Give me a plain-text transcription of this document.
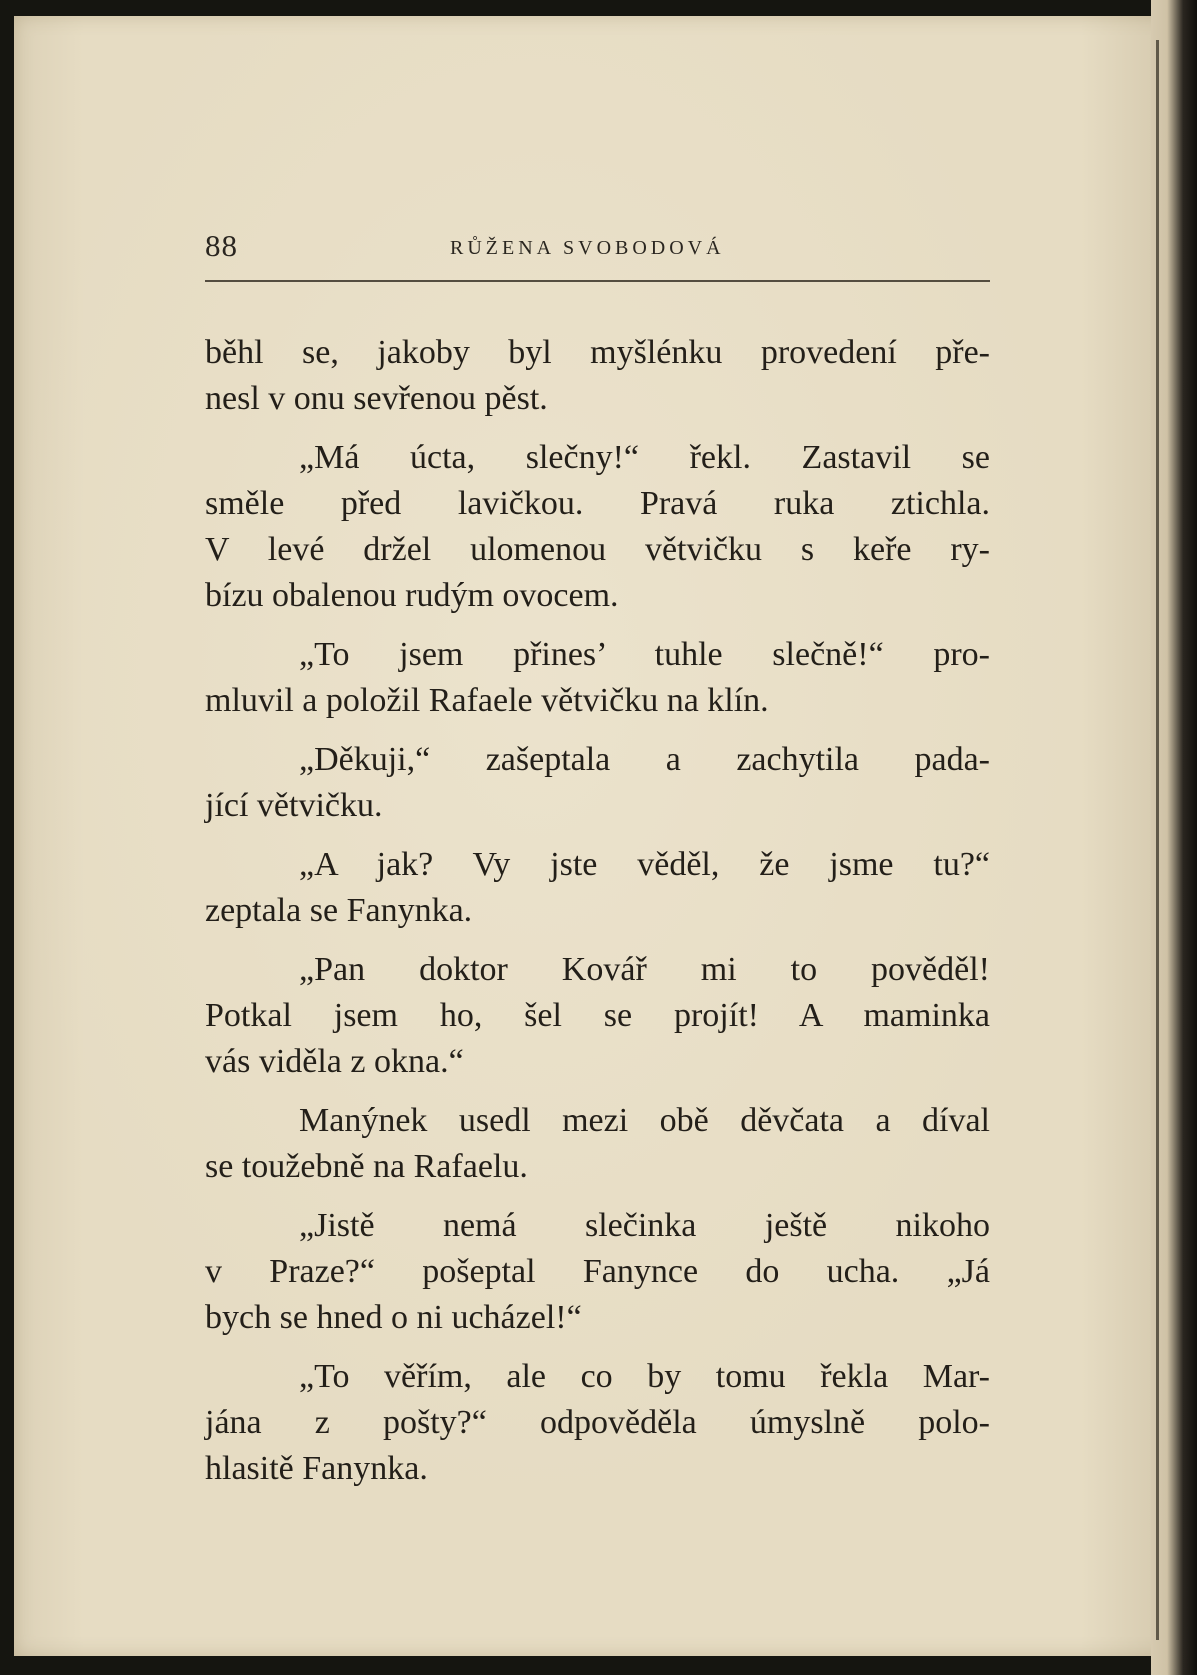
88	RŮŽENA SVOBODOVÁ
běhl se, jakoby byl myšlénku provedení pře-
nesl v onu sevřenou pěst.
„Má úcta, slečny!“ řekl. Zastavil se
směle před lavičkou. Pravá ruka ztichla.
V levé držel ulomenou větvičku s keře ry-
bízu obalenou rudým ovocem.
„To jsem přines’ tuhle slečně!“ pro-
mluvil a položil Rafaele větvičku na klín.
„Děkuji,“ zašeptala a zachytila pada-
jící větvičku.
„A jak? Vy jste věděl, že jsme tu?“
zeptala se Fanynka.
„Pan doktor Kovář mi to pověděl!
Potkal jsem ho, šel se projít! A maminka
vás viděla z okna.“
Manýnek usedl mezi obě děvčata a díval
se toužebně na Rafaelu.
„Jistě nemá slečinka ještě nikoho
v Praze?“ pošeptal Fanynce do ucha. „Já
bych se hned o ni ucházel!“
„To věřím, ale co by tomu řekla Mar-
jána z pošty?“ odpověděla úmyslně polo-
hlasitě Fanynka.
